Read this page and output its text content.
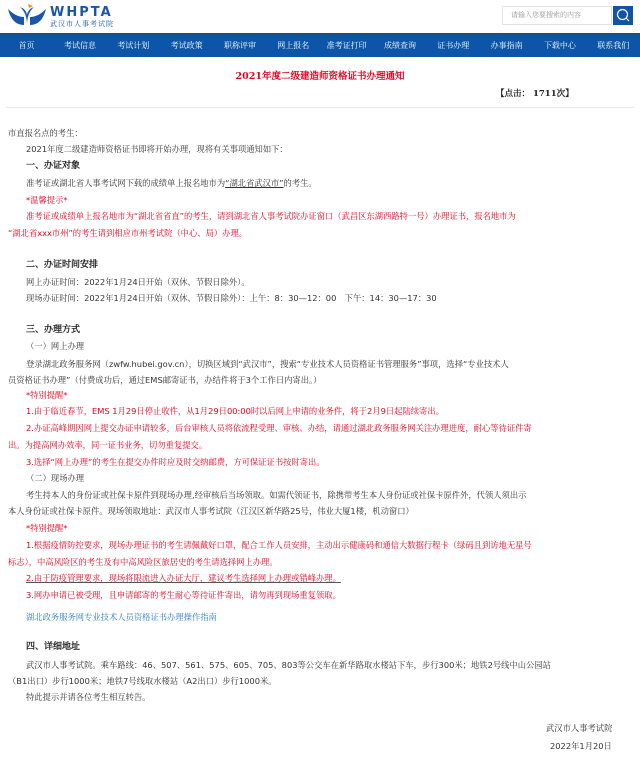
WHPTA
武汉市人事考试院
请输入您要搜索的内容
首页	考试信息	考试计划	考试政策	职称评审	网上报名	准考证打印	成绩查询	证书办理	办事指南	下载中心	联系我们
2021年度二级建造师资格证书办理通知
【点击： 1711次】
市直报名点的考生：
2021年度二级建造师资格证书即将开始办理，现将有关事项通知如下：
一、办证对象
准考证或湖北省人事考试网下载的成绩单上报名地市为“湖北省武汉市”的考生。
*温馨提示*
准考证或成绩单上报名地市为“湖北省省直”的考生，请到湖北省人事考试院办证窗口（武昌区东湖西路特一号）办理证书，报名地市为
“湖北省xxx市州”的考生请到相应市州考试院（中心、局）办理。
二、办证时间安排
网上办证时间：2022年1月24日开始（双休、节假日除外）。
现场办证时间：2022年1月24日开始（双休、节假日除外）：上午：8：30—12：00　下午：14：30—17：30
三、办理方式
（一）网上办理
登录湖北政务服务网（zwfw.hubei.gov.cn），切换区域到“武汉市”，搜索“专业技术人员资格证书管理服务”事项，选择“专业技术人
员资格证书办理”（付费成功后，通过EMS邮寄证书，办结件将于3个工作日内寄出。）
*特别提醒*
1.由于临近春节，EMS 1月29日停止收件，从1月29日00:00时以后网上申请的业务件，将于2月9日起陆续寄出。
2.办证高峰期因网上提交办证申请较多，后台审核人员将依流程受理、审核、办结，请通过湖北政务服务网关注办理进度，耐心等待证件寄
出。为提高网办效率，同一证书业务，切勿重复提交。
3.选择“网上办理”的考生在提交办件时应及时交纳邮费，方可保证证书按时寄出。
（二）现场办理
考生持本人的身份证或社保卡原件到现场办理,经审核后当场领取。如需代领证书，除携带考生本人身份证或社保卡原件外，代领人须出示
本人身份证或社保卡原件。现场领取地址：武汉市人事考试院（江汉区新华路25号，伟业大厦1楼，机动窗口）
*特别提醒*
1.根据疫情防控要求，现场办理证书的考生请佩戴好口罩，配合工作人员安排，主动出示健康码和通信大数据行程卡（绿码且到访地无星号
标志），中高风险区的考生及有中高风险区旅居史的考生请选择网上办理。
2.由于防疫管理要求，现场将限流进入办证大厅，建议考生选择网上办理或错峰办理。
3.网办申请已被受理，且申请邮寄的考生耐心等待证件寄出，请勿再到现场重复领取。
湖北政务服务网专业技术人员资格证书办理操作指南
四、详细地址
武汉市人事考试院。乘车路线：46、507、561、575、605、705、803等公交车在新华路取水楼站下车，步行300米；地铁2号线中山公园站
（B1出口）步行1000米；地铁7号线取水楼站（A2出口）步行1000米。
特此提示并请各位考生相互转告。
武汉市人事考试院
2022年1月20日
